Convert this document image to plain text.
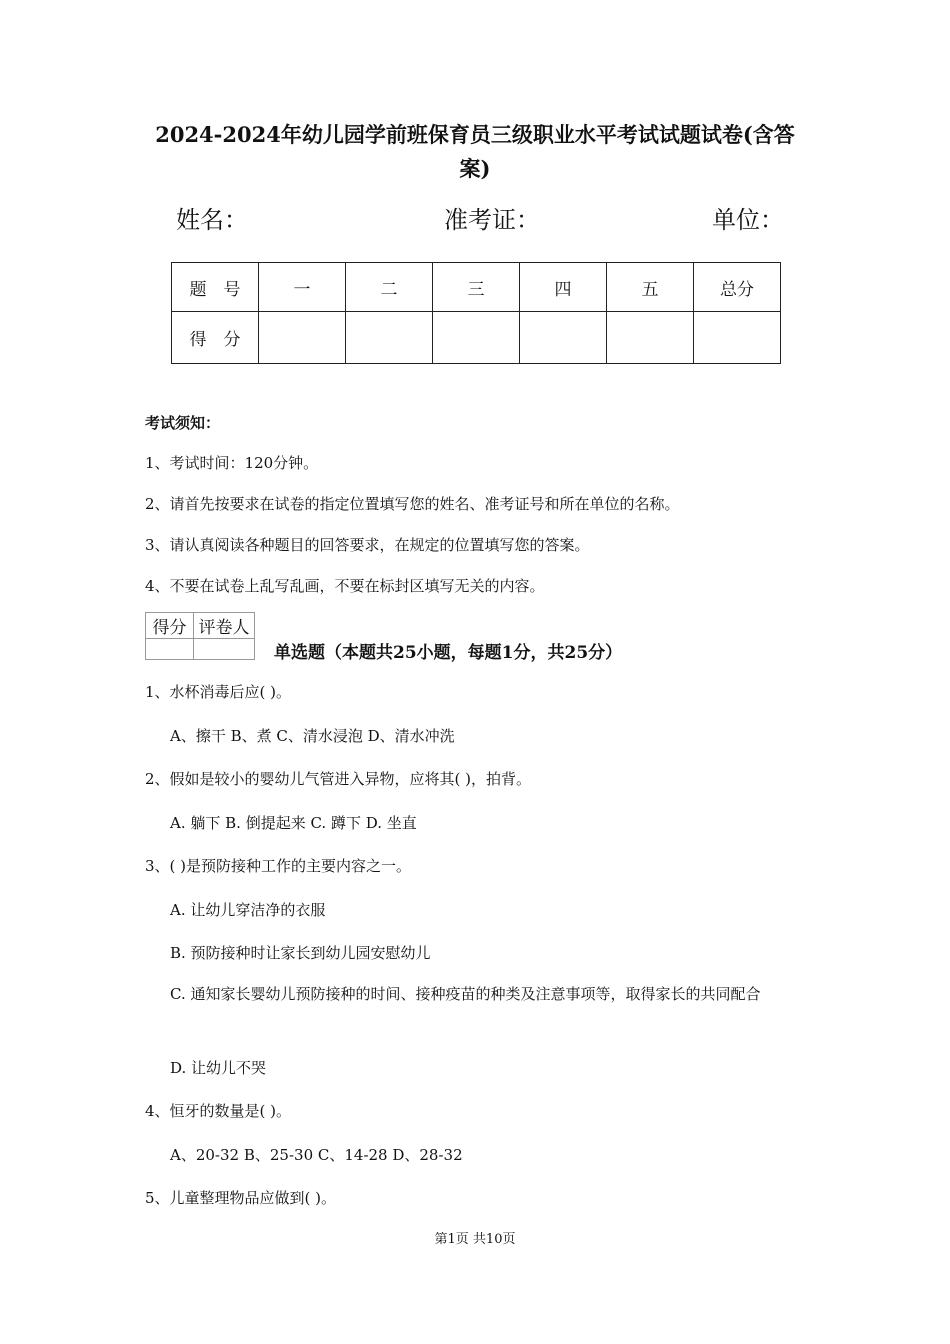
2024-2024年幼儿园学前班保育员三级职业水平考试试题试卷(含答
案)
姓名：	准考证：	单位：
题　号	一	二	三	四	五	总分
得　分						
考试须知：
1、考试时间：120分钟。
2、请首先按要求在试卷的指定位置填写您的姓名、准考证号和所在单位的名称。
3、请认真阅读各种题目的回答要求，在规定的位置填写您的答案。
4、不要在试卷上乱写乱画，不要在标封区填写无关的内容。
得分	评卷人

单选题（本题共25小题，每题1分，共25分）
1、水杯消毒后应( )。
A、擦干 B、煮 C、清水浸泡 D、清水冲洗
2、假如是较小的婴幼儿气管进入异物，应将其( )，拍背。
A. 躺下 B. 倒提起来 C. 蹲下 D. 坐直
3、( )是预防接种工作的主要内容之一。
A. 让幼儿穿洁净的衣服
B. 预防接种时让家长到幼儿园安慰幼儿
C. 通知家长婴幼儿预防接种的时间、接种疫苗的种类及注意事项等，取得家长的共同配合
D. 让幼儿不哭
4、恒牙的数量是( )。
A、20-32 B、25-30 C、14-28 D、28-32
5、儿童整理物品应做到( )。
第1页 共10页
